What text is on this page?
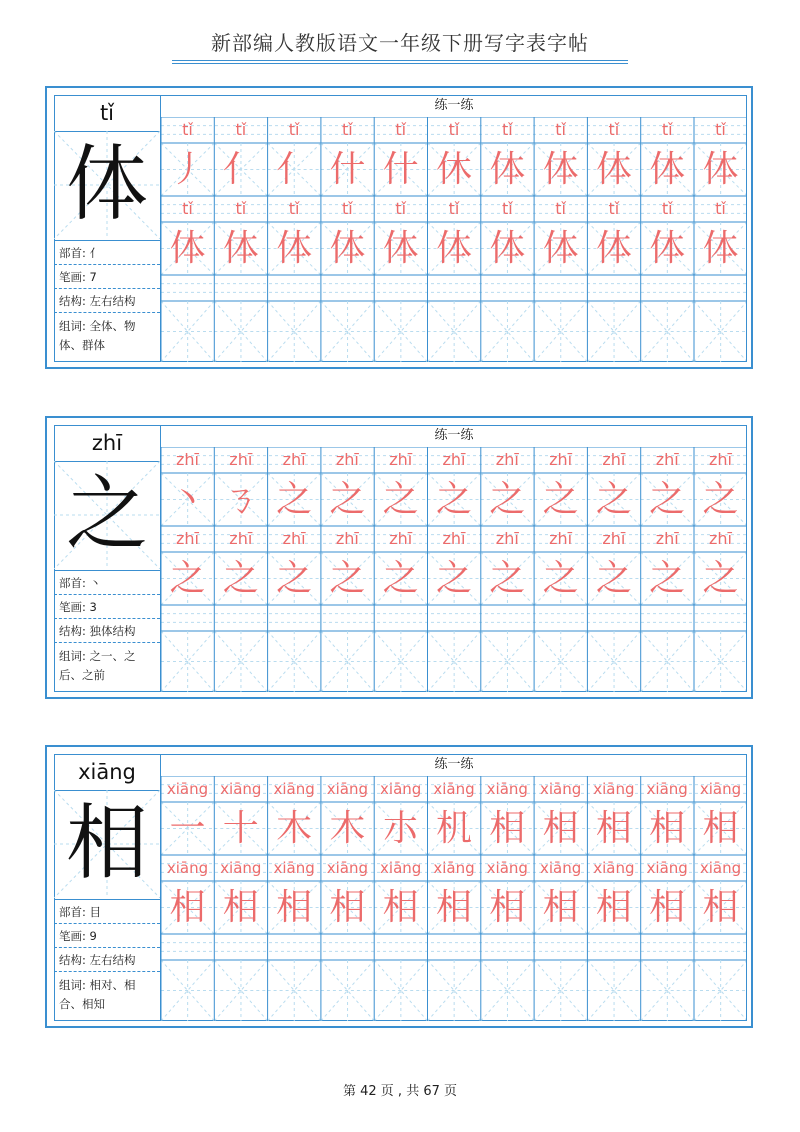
新部编人教版语文一年级下册写字表字帖
tǐ
体
部首: 亻
笔画: 7
结构: 左右结构
组词: 全体、物
体、群体
练一练
tǐ
丿
tǐ
亻
tǐ
亻
tǐ
什
tǐ
什
tǐ
休
tǐ
体
tǐ
体
tǐ
体
tǐ
体
tǐ
体
tǐ
体
tǐ
体
tǐ
体
tǐ
体
tǐ
体
tǐ
体
tǐ
体
tǐ
体
tǐ
体
tǐ
体
tǐ
体
zhī
之
部首: 丶
笔画: 3
结构: 独体结构
组词: 之一、之
后、之前
练一练
zhī
丶
zhī
ㄋ
zhī
之
zhī
之
zhī
之
zhī
之
zhī
之
zhī
之
zhī
之
zhī
之
zhī
之
zhī
之
zhī
之
zhī
之
zhī
之
zhī
之
zhī
之
zhī
之
zhī
之
zhī
之
zhī
之
zhī
之
xiāng
相
部首: 目
笔画: 9
结构: 左右结构
组词: 相对、相
合、相知
练一练
xiāng
一
xiāng
十
xiāng
木
xiāng
木
xiāng
朩
xiāng
机
xiāng
相
xiāng
相
xiāng
相
xiāng
相
xiāng
相
xiāng
相
xiāng
相
xiāng
相
xiāng
相
xiāng
相
xiāng
相
xiāng
相
xiāng
相
xiāng
相
xiāng
相
xiāng
相
第 42 页 , 共 67 页
